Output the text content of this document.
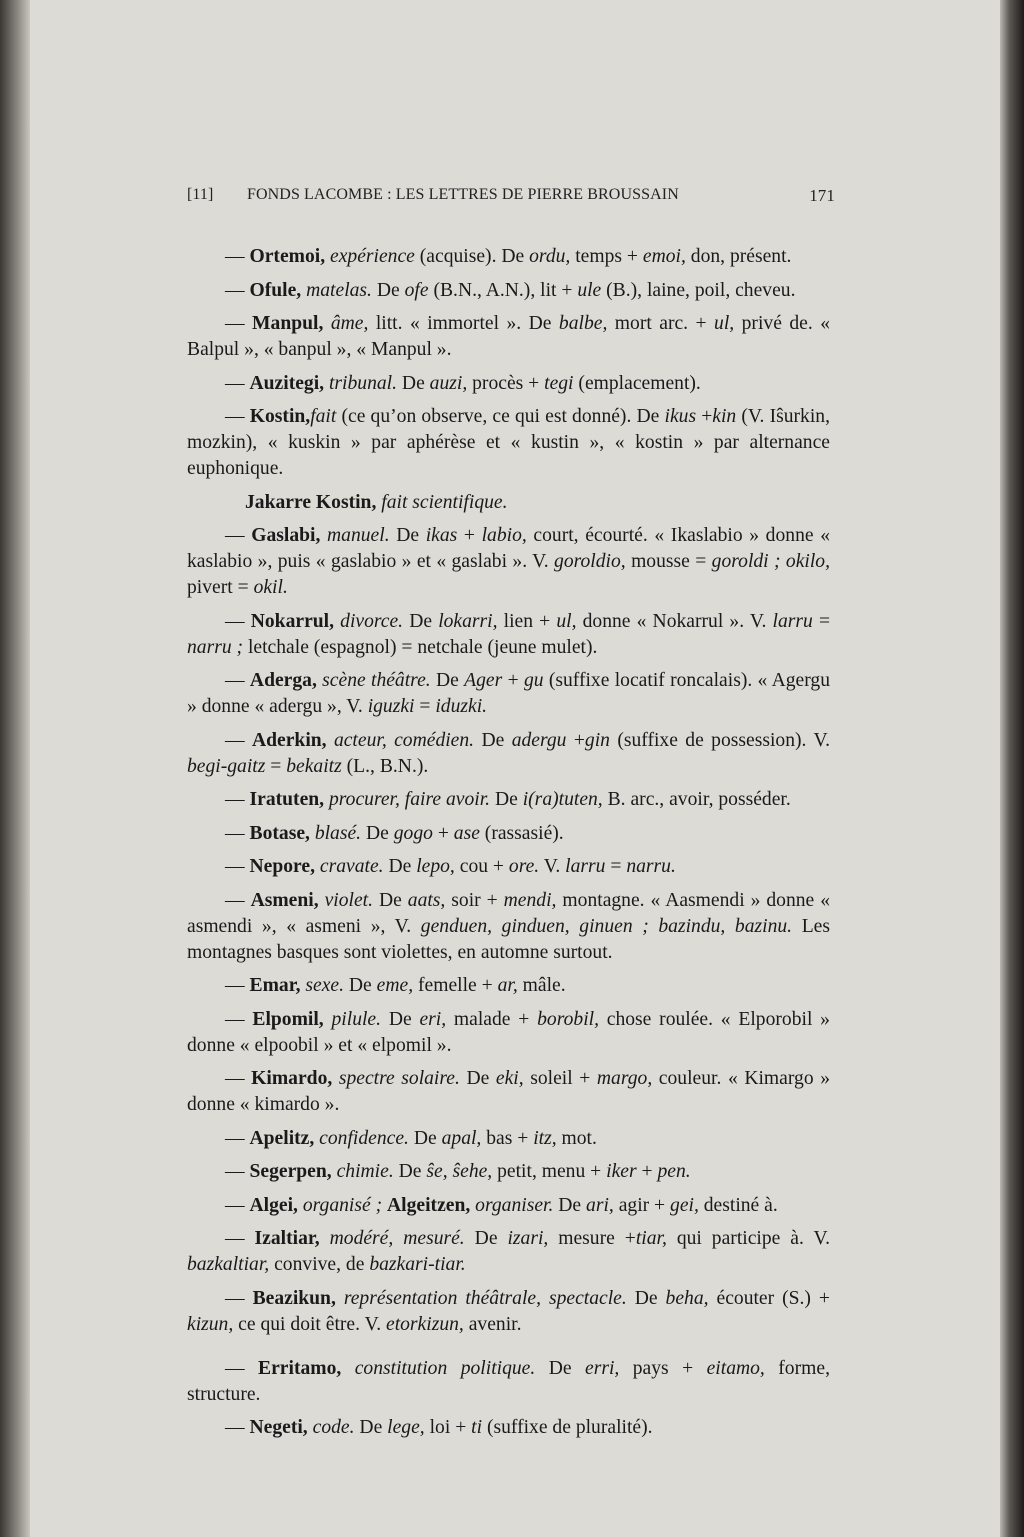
[11]	FONDS LACOMBE : LES LETTRES DE PIERRE BROUSSAIN	171

— Ortemoi, expérience (acquise). De ordu, temps + emoi, don, présent.

— Ofule, matelas. De ofe (B.N., A.N.), lit + ule (B.), laine, poil, cheveu.

— Manpul, âme, litt. « immortel ». De balbe, mort arc. + ul, privé de. « Balpul », « banpul », « Manpul ».

— Auzitegi, tribunal. De auzi, procès + tegi (emplacement).

— Kostin,fait (ce qu’on observe, ce qui est donné). De ikus +kin (V. Iŝurkin, mozkin), « kuskin » par aphérèse et « kustin », « kostin » par alternance euphonique.

Jakarre Kostin, fait scientifique.

— Gaslabi, manuel. De ikas + labio, court, écourté. « Ikaslabio » donne « kaslabio », puis « gaslabio » et « gaslabi ». V. goroldio, mousse = goroldi ; okilo, pivert = okil.

— Nokarrul, divorce. De lokarri, lien + ul, donne « Nokarrul ». V. larru = narru ; letchale (espagnol) = netchale (jeune mulet).

— Aderga, scène théâtre. De Ager + gu (suffixe locatif roncalais). « Agergu » donne « adergu », V. iguzki = iduzki.

— Aderkin, acteur, comédien. De adergu +gin (suffixe de possession). V. begi-gaitz = bekaitz (L., B.N.).

— Iratuten, procurer, faire avoir. De i(ra)tuten, B. arc., avoir, posséder.

— Botase, blasé. De gogo + ase (rassasié).

— Nepore, cravate. De lepo, cou + ore. V. larru = narru.

— Asmeni, violet. De aats, soir + mendi, montagne. « Aasmendi » donne « asmendi », « asmeni », V. genduen, ginduen, ginuen ; bazindu, bazinu. Les montagnes basques sont violettes, en automne surtout.

— Emar, sexe. De eme, femelle + ar, mâle.

— Elpomil, pilule. De eri, malade + borobil, chose roulée. « Elporobil » donne « elpoobil » et « elpomil ».

— Kimardo, spectre solaire. De eki, soleil + margo, couleur. « Kimargo » donne « kimardo ».

— Apelitz, confidence. De apal, bas + itz, mot.

— Segerpen, chimie. De ŝe, ŝehe, petit, menu + iker + pen.

— Algei, organisé ; Algeitzen, organiser. De ari, agir + gei, destiné à.

— Izaltiar, modéré, mesuré. De izari, mesure +tiar, qui participe à. V. bazkaltiar, convive, de bazkari-tiar.

— Beazikun, représentation théâtrale, spectacle. De beha, écouter (S.) + kizun, ce qui doit être. V. etorkizun, avenir.

— Erritamo, constitution politique. De erri, pays + eitamo, forme, structure.

— Negeti, code. De lege, loi + ti (suffixe de pluralité).
